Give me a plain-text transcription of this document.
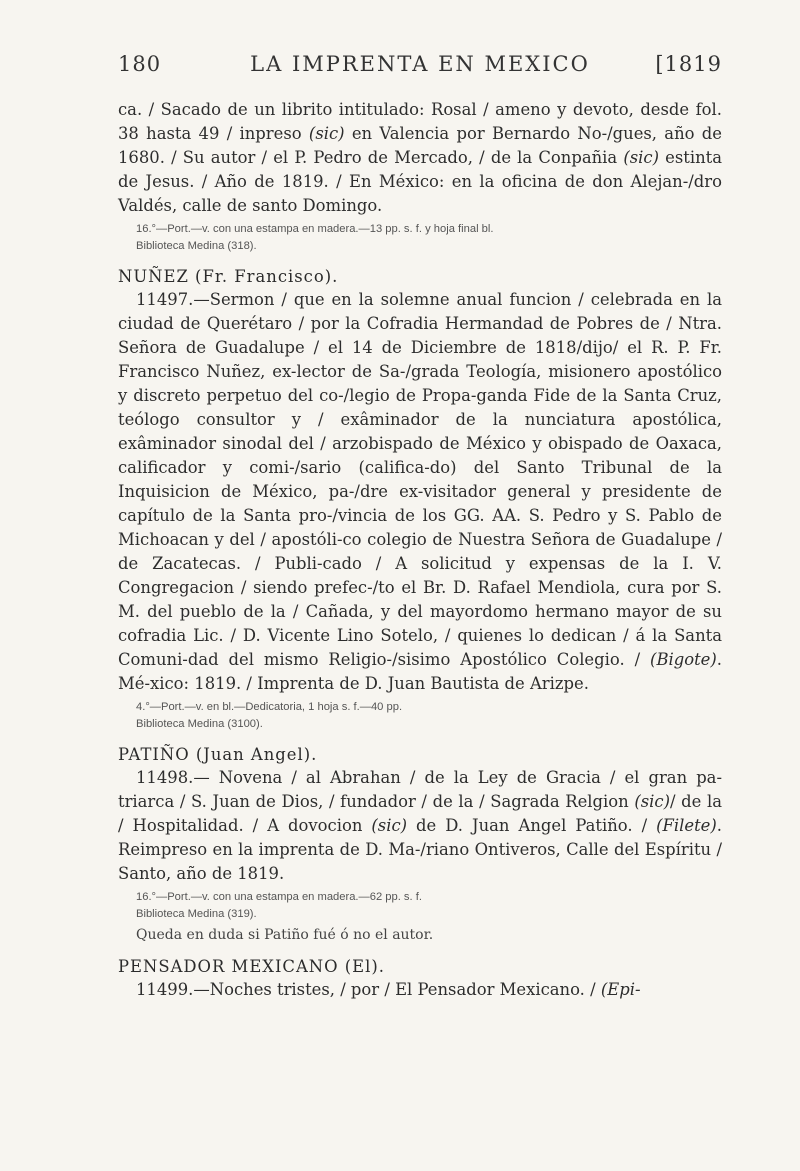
180	LA IMPRENTA EN MEXICO	[1819

ca. / Sacado de un librito intitulado: Rosal / ameno y devoto, desde fol. 38 hasta 49 / inpreso (sic) en Valencia por Bernardo No-/gues, año de 1680. / Su autor / el P. Pedro de Mercado, / de la Conpañia (sic) estinta de Jesus. / Año de 1819. / En México: en la oficina de don Alejan-/dro Valdés, calle de santo Domingo.

16.°—Port.—v. con una estampa en madera.—13 pp. s. f. y hoja final bl.

Biblioteca Medina (318).

NUÑEZ (Fr. Francisco).

11497.—Sermon / que en la solemne anual funcion / celebrada en la ciudad de Querétaro / por la Cofradia Hermandad de Pobres de / Ntra. Señora de Guadalupe / el 14 de Diciembre de 1818/dijo/ el R. P. Fr. Francisco Nuñez, ex-lector de Sa-/grada Teología, misionero apostólico y discreto perpetuo del co-/legio de Propa-ganda Fide de la Santa Cruz, teólogo consultor y / exâminador de la nunciatura apostólica, exâminador sinodal del / arzobispado de México y obispado de Oaxaca, calificador y comi-/sario (califica-do) del Santo Tribunal de la Inquisicion de México, pa-/dre ex-visitador general y presidente de capítulo de la Santa pro-/vincia de los GG. AA. S. Pedro y S. Pablo de Michoacan y del / apostóli-co colegio de Nuestra Señora de Guadalupe / de Zacatecas. / Publi-cado / A solicitud y expensas de la I. V. Congregacion / siendo prefec-/to el Br. D. Rafael Mendiola, cura por S. M. del pueblo de la / Cañada, y del mayordomo hermano mayor de su cofradia Lic. / D. Vicente Lino Sotelo, / quienes lo dedican / á la Santa Comuni-dad del mismo Religio-/sisimo Apostólico Colegio. / (Bigote). Mé-xico: 1819. / Imprenta de D. Juan Bautista de Arizpe.

4.°—Port.—v. en bl.—Dedicatoria, 1 hoja s. f.—40 pp.

Biblioteca Medina (3100).

PATIÑO (Juan Angel).

11498.— Novena / al Abrahan / de la Ley de Gracia / el gran pa-triarca / S. Juan de Dios, / fundador / de la / Sagrada Relgion (sic)/ de la / Hospitalidad. / A dovocion (sic) de D. Juan Angel Patiño. / (Filete). Reimpreso en la imprenta de D. Ma-/riano Ontiveros, Calle del Espíritu / Santo, año de 1819.

16.°—Port.—v. con una estampa en madera.—62 pp. s. f.

Biblioteca Medina (319).

Queda en duda si Patiño fué ó no el autor.

PENSADOR MEXICANO (El).

11499.—Noches tristes, / por / El Pensador Mexicano. / (Epi-
